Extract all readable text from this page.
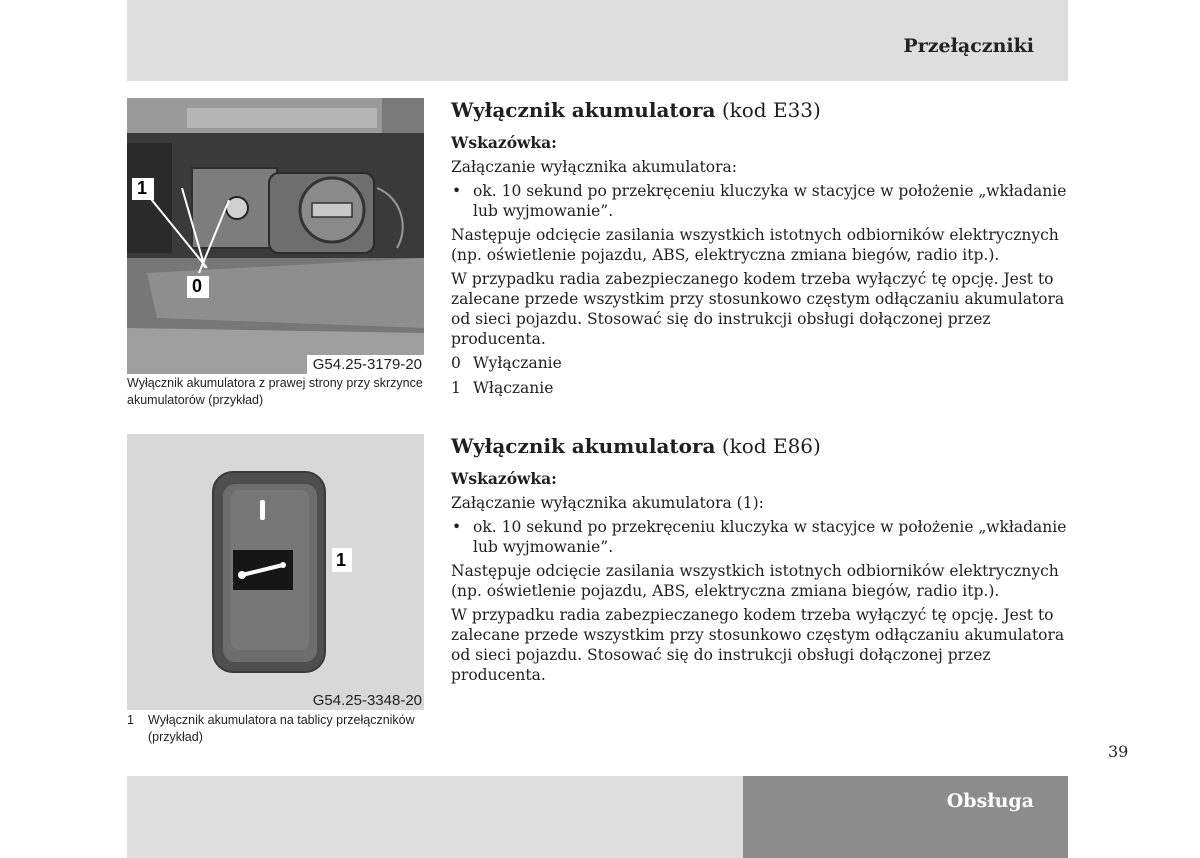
Przełączniki
1
0
G54.25-3179-20
Wyłącznik akumulatora z prawej strony przy skrzynce akumulatorów (przykład)
1
G54.25-3348-20
1	Wyłącznik akumulatora na tablicy przełączników (przykład)
Wyłącznik akumulatora (kod E33)
Wskazówka:
Załączanie wyłącznika akumulatora:
• ok. 10 sekund po przekręceniu kluczyka w stacyjce w położenie „wkładanie lub wyjmowanie”.
Następuje odcięcie zasilania wszystkich istotnych odbiorników elektrycznych (np. oświetlenie pojazdu, ABS, elektryczna zmiana biegów, radio itp.).
W przypadku radia zabezpieczanego kodem trzeba wyłączyć tę opcję. Jest to zalecane przede wszystkim przy stosunkowo częstym odłączaniu akumulatora od sieci pojazdu. Stosować się do instrukcji obsługi dołączonej przez producenta.
0 Wyłączanie
1 Włączanie
Wyłącznik akumulatora (kod E86)
Wskazówka:
Załączanie wyłącznika akumulatora (1):
• ok. 10 sekund po przekręceniu kluczyka w stacyjce w położenie „wkładanie lub wyjmowanie”.
Następuje odcięcie zasilania wszystkich istotnych odbiorników elektrycznych (np. oświetlenie pojazdu, ABS, elektryczna zmiana biegów, radio itp.).
W przypadku radia zabezpieczanego kodem trzeba wyłączyć tę opcję. Jest to zalecane przede wszystkim przy stosunkowo częstym odłączaniu akumulatora od sieci pojazdu. Stosować się do instrukcji obsługi dołączonej przez producenta.
39
Obsługa
